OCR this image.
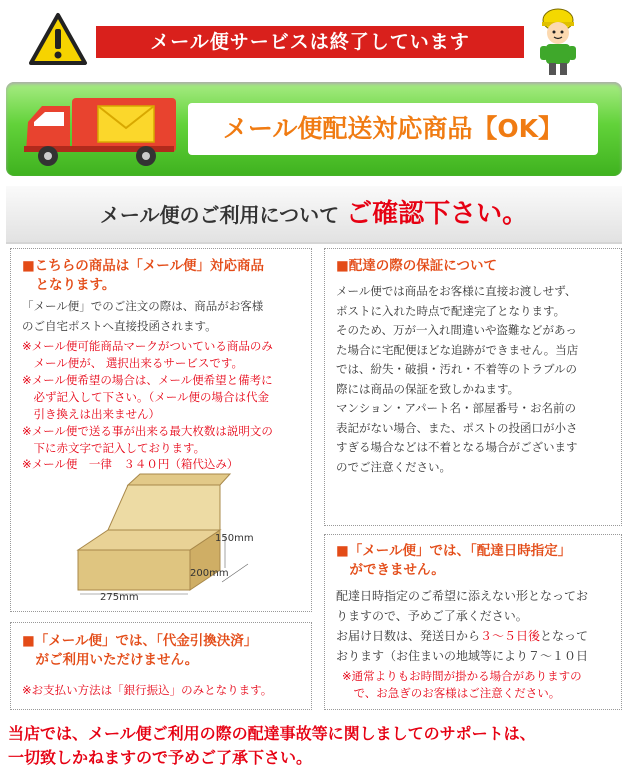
メール便サービスは終了しています
メール便配送対応商品【OK】
メール便のご利用について ご確認下さい。
■こちらの商品は「メール便」対応商品
　となります。
「メール便」でのご注文の際は、商品がお客様
のご自宅ポストへ直接投函されます。
※メール便可能商品マークがついている商品のみ
　メール便が、 選択出来るサービスです。
※メール便希望の場合は、メール便希望と備考に
　必ず記入して下さい。（メール便の場合は代金
　引き換えは出来ません）
※メール便で送る事が出来る最大枚数は説明文の
　下に赤文字で記入しております。
※メール便　一律　３４０円（箱代込み）
150mm
200mm
275mm
■「メール便」では、「代金引換決済」
　がご利用いただけません。
※お支払い方法は「銀行振込」のみとなります。
■配達の際の保証について
メール便では商品をお客様に直接お渡しせず、
ポストに入れた時点で配達完了となります。
そのため、万が一入れ間違いや盗難などがあっ
た場合に宅配便ほどな追跡ができません。当店
では、紛失・破損・汚れ・不着等のトラブルの
際には商品の保証を致しかねます。
マンション・アパート名・部屋番号・お名前の
表記がない場合、また、ポストの投函口が小さ
すぎる場合などは不着となる場合がございます
のでご注意ください。
■「メール便」では、「配達日時指定」
　ができません。
配達日時指定のご希望に添えない形となってお
りますので、予めご了承ください。
お届け日数は、発送日から３～５日後となって
おります（お住まいの地域等により７～１０日
※通常よりもお時間が掛かる場合がありますの
　で、お急ぎのお客様はご注意ください。
当店では、メール便ご利用の際の配達事故等に関しましてのサポートは、
一切致しかねますので予めご了承下さい。
